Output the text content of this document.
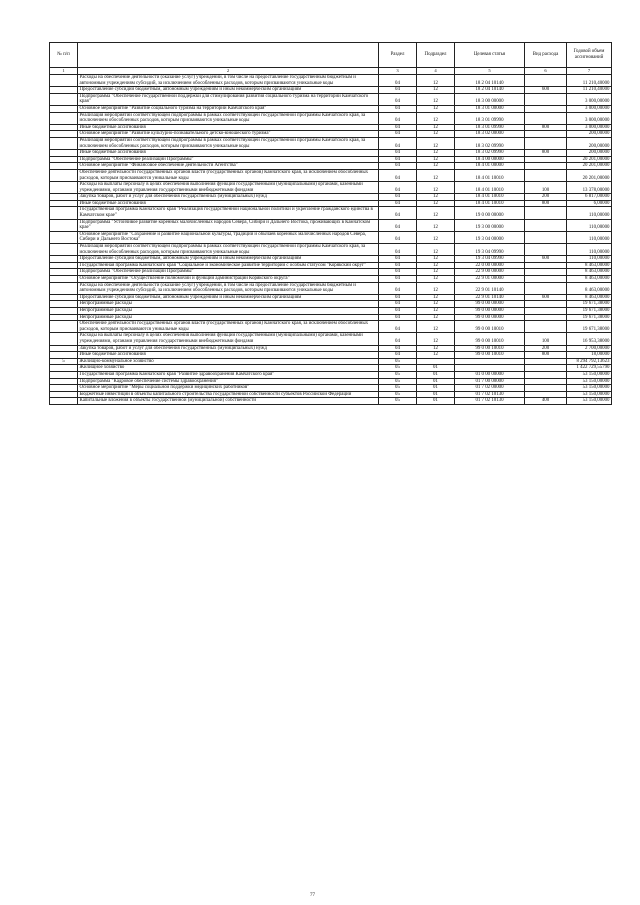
№ п/п		Раздел	Подраздел	Целевая статья	Вид расхода	Годовой объем ассигнований
1	2	3	4	5	6	7
	Расходы на обеспечение деятельности (оказание услуг) учреждений, в том числе на предоставление государственным бюджетным и автономным учреждениям субсидий, за исключением обособленных расходов, которым присваиваются уникальные коды	04	12	18 2 04 10140		11 210,40000
	Предоставление субсидий бюджетным, автономным учреждениям и иным некоммерческим организациям	04	12	18 2 04 10140	600	11 210,40000
	Подпрограмма "Обеспечение государственной поддержки для стимулирования развития социального туризма на территории Камчатского края"	04	12	18 3 00 00000		3 000,00000
	Основное мероприятие "Развитие социального туризма на территории Камчатского края"	04	12	18 3 01 00000		3 000,00000
	Реализация мероприятий соответствующей подпрограммы в рамках соответствующей государственной программы Камчатского края, за исключением обособленных расходов, которым присваиваются уникальные коды	04	12	18 3 01 09990		3 000,00000
	Иные бюджетные ассигнования	04	12	18 3 01 09990	800	3 000,00000
	Основное мероприятие "Развитие культурно-познавательного детско-юношеского туризма"	04	12	18 3 02 00000		200,00000
	Реализация мероприятий соответствующей подпрограммы в рамках соответствующей государственной программы Камчатского края, за исключением обособленных расходов, которым присваиваются уникальные коды	04	12	18 3 02 09990		200,00000
	Иные бюджетные ассигнования	04	12	18 3 02 09990	800	200,00000
	Подпрограмма "Обеспечение реализации Программы"	04	12	18 4 00 00000		20 201,00000
	Основное мероприятие "Финансовое обеспечение деятельности Агентства"	04	12	18 4 01 00000		20 201,00000
	Обеспечение деятельности государственных органов власти (государственных органов) Камчатского края, за исключением обособленных расходов, которым присваиваются уникальные коды	04	12	18 4 01 10010		20 201,00000
	Расходы на выплаты персоналу в целях обеспечения выполнения функций государственными (муниципальными) органами, казенными учреждениями, органами управления государственными внебюджетными фондами	04	12	18 4 01 10010	100	13 378,00000
	Закупка товаров, работ и услуг для обеспечения государственных (муниципальных) нужд	04	12	18 4 01 10010	200	6 817,00000
	Иные бюджетные ассигнования	04	12	18 4 01 10010	800	6,00000
	Государственная программа Камчатского края "Реализация государственной национальной политики и укрепление гражданского единства в Камчатском крае"	04	12	19 0 00 00000		110,00000
	Подпрограмма "Устойчивое развитие коренных малочисленных народов Севера, Сибири и Дальнего Востока, проживающих в Камчатском крае"	04	12	19 3 00 00000		110,00000
	Основное мероприятие "Сохранение и развитие национальной культуры, традиций и обычаев коренных малочисленных народов Севера, Сибири и Дальнего Востока"	04	12	19 3 04 00000		110,00000
	Реализация мероприятий соответствующей подпрограммы в рамках соответствующей государственной программы Камчатского края, за исключением обособленных расходов, которым присваиваются уникальные коды	04	12	19 3 04 09990		110,00000
	Предоставление субсидий бюджетным, автономным учреждениям и иным некоммерческим организациям	04	12	19 3 04 09990	600	110,00000
	Государственная программа Камчатского края "Социальное и экономическое развитие территории с особым статусом "Корякский округ"	04	12	22 0 00 00000		8 463,00000
	Подпрограмма "Обеспечение реализации Программы"	04	12	22 9 00 00000		8 463,00000
	Основное мероприятие "Осуществление полномочий и функций администрации Корякского округа"	04	12	22 9 01 00000		8 463,00000
	Расходы на обеспечение деятельности (оказание услуг) учреждений, в том числе на предоставление государственным бюджетным и автономным учреждениям субсидий, за исключением обособленных расходов, которым присваиваются уникальные коды	04	12	22 9 01 10140		8 463,00000
	Предоставление субсидий бюджетным, автономным учреждениям и иным некоммерческим организациям	04	12	22 9 01 10140	600	8 463,00000
	Непрограммные расходы	04	12	99 0 00 00000		19 671,38000
	Непрограммные расходы	04	12	99 0 00 00000		19 671,38000
	Непрограммные расходы	04	12	99 0 00 00000		19 671,38000
	Обеспечение деятельности государственных органов власти (государственных органов) Камчатского края, за исключением обособленных расходов, которым присваиваются уникальные коды	04	12	99 0 00 10010		19 671,38000
	Расходы на выплаты персоналу в целях обеспечения выполнения функций государственными (муниципальными) органами, казенными учреждениями, органами управления государственными внебюджетными фондами	04	12	99 0 00 10010	100	16 953,38000
	Закупка товаров, работ и услуг для обеспечения государственных (муниципальных) нужд	04	12	99 0 00 10010	200	2 700,00000
	Иные бюджетные ассигнования	04	12	99 0 00 10010	800	18,00000
5	Жилищно-коммунальное хозяйство	05				8 294 792,13623
	Жилищное хозяйство	05	01			1 422 729,55790
	Государственная программа Камчатского края "Развитие здравоохранения Камчатского края"	05	01	01 0 00 00000		53 150,00000
	Подпрограмма "Кадровое обеспечение системы здравоохранения"	05	01	01 7 00 00000		53 150,00000
	Основное мероприятие "Меры социальной поддержки медицинских работников"	05	01	01 7 02 00000		53 150,00000
	Бюджетные инвестиции в объекты капитального строительства государственной собственности субъектов Российской Федерации	05	01	01 7 02 10130		53 150,00000
	Капитальные вложения в объекты государственной (муниципальной) собственности	05	01	01 7 02 10130	400	53 150,00000
77
